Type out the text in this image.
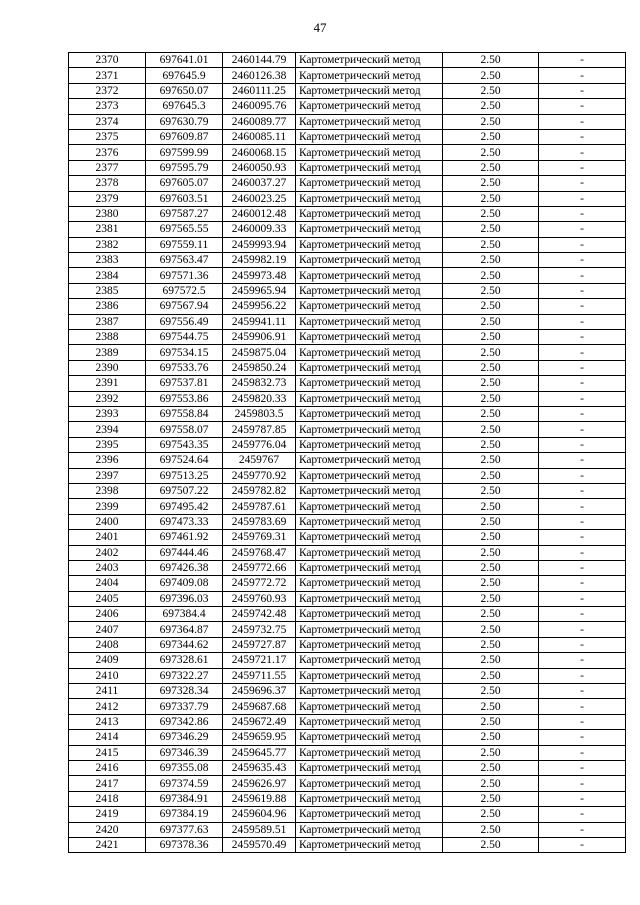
47
2370	697641.01	2460144.79	Картометрический метод	2.50	-
2371	697645.9	2460126.38	Картометрический метод	2.50	-
2372	697650.07	2460111.25	Картометрический метод	2.50	-
2373	697645.3	2460095.76	Картометрический метод	2.50	-
2374	697630.79	2460089.77	Картометрический метод	2.50	-
2375	697609.87	2460085.11	Картометрический метод	2.50	-
2376	697599.99	2460068.15	Картометрический метод	2.50	-
2377	697595.79	2460050.93	Картометрический метод	2.50	-
2378	697605.07	2460037.27	Картометрический метод	2.50	-
2379	697603.51	2460023.25	Картометрический метод	2.50	-
2380	697587.27	2460012.48	Картометрический метод	2.50	-
2381	697565.55	2460009.33	Картометрический метод	2.50	-
2382	697559.11	2459993.94	Картометрический метод	2.50	-
2383	697563.47	2459982.19	Картометрический метод	2.50	-
2384	697571.36	2459973.48	Картометрический метод	2.50	-
2385	697572.5	2459965.94	Картометрический метод	2.50	-
2386	697567.94	2459956.22	Картометрический метод	2.50	-
2387	697556.49	2459941.11	Картометрический метод	2.50	-
2388	697544.75	2459906.91	Картометрический метод	2.50	-
2389	697534.15	2459875.04	Картометрический метод	2.50	-
2390	697533.76	2459850.24	Картометрический метод	2.50	-
2391	697537.81	2459832.73	Картометрический метод	2.50	-
2392	697553.86	2459820.33	Картометрический метод	2.50	-
2393	697558.84	2459803.5	Картометрический метод	2.50	-
2394	697558.07	2459787.85	Картометрический метод	2.50	-
2395	697543.35	2459776.04	Картометрический метод	2.50	-
2396	697524.64	2459767	Картометрический метод	2.50	-
2397	697513.25	2459770.92	Картометрический метод	2.50	-
2398	697507.22	2459782.82	Картометрический метод	2.50	-
2399	697495.42	2459787.61	Картометрический метод	2.50	-
2400	697473.33	2459783.69	Картометрический метод	2.50	-
2401	697461.92	2459769.31	Картометрический метод	2.50	-
2402	697444.46	2459768.47	Картометрический метод	2.50	-
2403	697426.38	2459772.66	Картометрический метод	2.50	-
2404	697409.08	2459772.72	Картометрический метод	2.50	-
2405	697396.03	2459760.93	Картометрический метод	2.50	-
2406	697384.4	2459742.48	Картометрический метод	2.50	-
2407	697364.87	2459732.75	Картометрический метод	2.50	-
2408	697344.62	2459727.87	Картометрический метод	2.50	-
2409	697328.61	2459721.17	Картометрический метод	2.50	-
2410	697322.27	2459711.55	Картометрический метод	2.50	-
2411	697328.34	2459696.37	Картометрический метод	2.50	-
2412	697337.79	2459687.68	Картометрический метод	2.50	-
2413	697342.86	2459672.49	Картометрический метод	2.50	-
2414	697346.29	2459659.95	Картометрический метод	2.50	-
2415	697346.39	2459645.77	Картометрический метод	2.50	-
2416	697355.08	2459635.43	Картометрический метод	2.50	-
2417	697374.59	2459626.97	Картометрический метод	2.50	-
2418	697384.91	2459619.88	Картометрический метод	2.50	-
2419	697384.19	2459604.96	Картометрический метод	2.50	-
2420	697377.63	2459589.51	Картометрический метод	2.50	-
2421	697378.36	2459570.49	Картометрический метод	2.50	-
